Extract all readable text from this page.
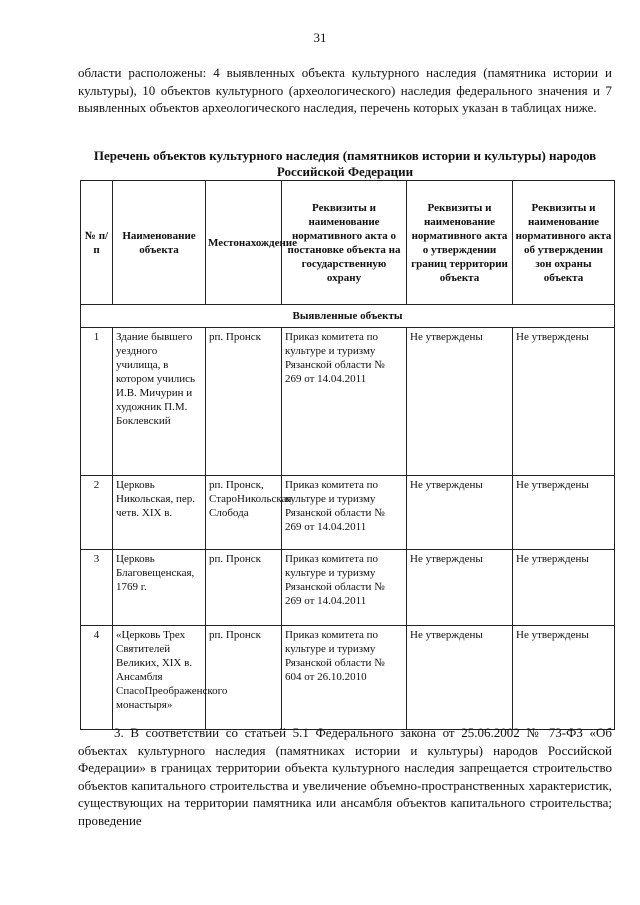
31
области расположены: 4 выявленных объекта культурного наследия (памятника истории и культуры), 10 объектов культурного (археологического) наследия федерального значения и 7 выявленных объектов археологического наследия, перечень которых указан в таблицах ниже.
Перечень объектов культурного наследия (памятников истории и культуры) народов Российской Федерации
№ п/п	Наименование объекта	Местонахождение	Реквизиты и наименование нормативного акта о постановке объекта на государственную охрану	Реквизиты и наименование нормативного акта о утверждении границ территории объекта	Реквизиты и наименование нормативного акта об утверждении зон охраны объекта
Выявленные объекты					
1	Здание бывшего уездного училища, в котором учились И.В. Мичурин и художник П.М. Боклевский	рп. Пронск	Приказ комитета по культуре и туризму Рязанской области № 269 от 14.04.2011	Не утверждены	Не утверждены
2	Церковь Никольская, пер. четв. XIX в.	рп. Пронск, СтароНикольская Слобода	Приказ комитета по культуре и туризму Рязанской области № 269 от 14.04.2011	Не утверждены	Не утверждены
3	Церковь Благовещенская, 1769 г.	рп. Пронск	Приказ комитета по культуре и туризму Рязанской области № 269 от 14.04.2011	Не утверждены	Не утверждены
4	«Церковь Трех Святителей Великих, XIX в. Ансамбля СпасоПреображенского монастыря»	рп. Пронск	Приказ комитета по культуре и туризму Рязанской области № 604 от 26.10.2010	Не утверждены	Не утверждены
3. В соответствии со статьей 5.1 Федерального закона от 25.06.2002 № 73-ФЗ «Об объектах культурного наследия (памятниках истории и культуры) народов Российской Федерации» в границах территории объекта культурного наследия запрещается строительство объектов капитального строительства и увеличение объемно-пространственных характеристик, существующих на территории памятника или ансамбля объектов капитального строительства; проведение
